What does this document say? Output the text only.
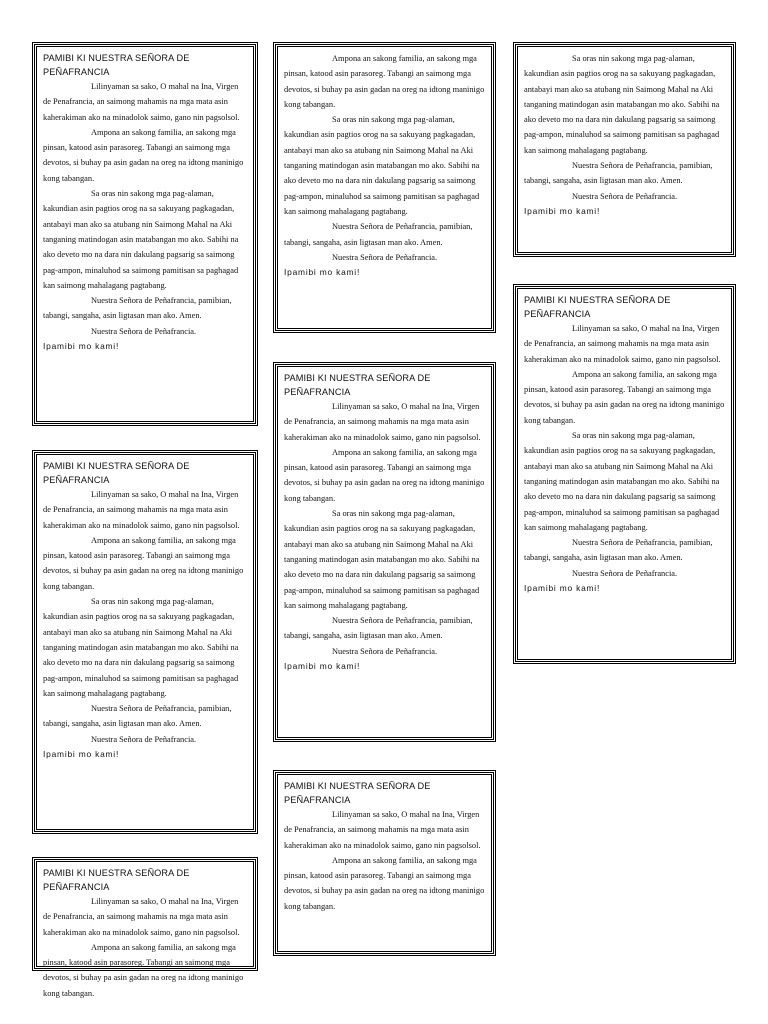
PAMIBI KI NUESTRA SEÑORA DE PEÑAFRANCIA

Lilinyaman sa sako, O mahal na Ina, Virgen de Penafrancia, an saimong mahamis na mga mata asin kaherakiman ako na minadolok saimo, gano nin pagsolsol.

Ampona an sakong familia, an sakong mga pinsan, katood asin parasoreg. Tabangi an saimong mga devotos, si buhay pa asin gadan na oreg na idtong maninigo kong tabangan.

Sa oras nin sakong mga pag-alaman, kakundian asin pagtios orog na sa sakuyang pagkagadan, antabayi man ako sa atubang nin Saimong Mahal na Aki tanganing matindogan asin matabangan mo ako. Sabihi na ako deveto mo na dara nin dakulang pagsarig sa saimong pag-ampon, minaluhod sa saimong pamitisan sa paghagad kan saimong mahalagang pagtabang.

Nuestra Señora de Peñafrancia, pamibian, tabangi, sangaha, asin ligtasan man ako. Amen.

Nuestra Señora de Peñafrancia.

Ipamibi mo kami!

PAMIBI KI NUESTRA SEÑORA DE PEÑAFRANCIA

Lilinyaman sa sako, O mahal na Ina, Virgen de Penafrancia, an saimong mahamis na mga mata asin kaherakiman ako na minadolok saimo, gano nin pagsolsol.

Ampona an sakong familia, an sakong mga pinsan, katood asin parasoreg. Tabangi an saimong mga devotos, si buhay pa asin gadan na oreg na idtong maninigo kong tabangan.

Sa oras nin sakong mga pag-alaman, kakundian asin pagtios orog na sa sakuyang pagkagadan, antabayi man ako sa atubang nin Saimong Mahal na Aki tanganing matindogan asin matabangan mo ako. Sabihi na ako deveto mo na dara nin dakulang pagsarig sa saimong pag-ampon, minaluhod sa saimong pamitisan sa paghagad kan saimong mahalagang pagtabang.

Nuestra Señora de Peñafrancia, pamibian, tabangi, sangaha, asin ligtasan man ako. Amen.

Nuestra Señora de Peñafrancia.

Ipamibi mo kami!

PAMIBI KI NUESTRA SEÑORA DE PEÑAFRANCIA

Lilinyaman sa sako, O mahal na Ina, Virgen de Penafrancia, an saimong mahamis na mga mata asin kaherakiman ako na minadolok saimo, gano nin pagsolsol.

Ampona an sakong familia, an sakong mga pinsan, katood asin parasoreg. Tabangi an saimong mga devotos, si buhay pa asin gadan na oreg na idtong maninigo kong tabangan.

Ampona an sakong familia, an sakong mga pinsan, katood asin parasoreg. Tabangi an saimong mga devotos, si buhay pa asin gadan na oreg na idtong maninigo kong tabangan.

Sa oras nin sakong mga pag-alaman, kakundian asin pagtios orog na sa sakuyang pagkagadan, antabayi man ako sa atubang nin Saimong Mahal na Aki tanganing matindogan asin matabangan mo ako. Sabihi na ako deveto mo na dara nin dakulang pagsarig sa saimong pag-ampon, minaluhod sa saimong pamitisan sa paghagad kan saimong mahalagang pagtabang.

Nuestra Señora de Peñafrancia, pamibian, tabangi, sangaha, asin ligtasan man ako. Amen.

Nuestra Señora de Peñafrancia.

Ipamibi mo kami!

PAMIBI KI NUESTRA SEÑORA DE PEÑAFRANCIA

Lilinyaman sa sako, O mahal na Ina, Virgen de Penafrancia, an saimong mahamis na mga mata asin kaherakiman ako na minadolok saimo, gano nin pagsolsol.

Ampona an sakong familia, an sakong mga pinsan, katood asin parasoreg. Tabangi an saimong mga devotos, si buhay pa asin gadan na oreg na idtong maninigo kong tabangan.

Sa oras nin sakong mga pag-alaman, kakundian asin pagtios orog na sa sakuyang pagkagadan, antabayi man ako sa atubang nin Saimong Mahal na Aki tanganing matindogan asin matabangan mo ako. Sabihi na ako deveto mo na dara nin dakulang pagsarig sa saimong pag-ampon, minaluhod sa saimong pamitisan sa paghagad kan saimong mahalagang pagtabang.

Nuestra Señora de Peñafrancia, pamibian, tabangi, sangaha, asin ligtasan man ako. Amen.

Nuestra Señora de Peñafrancia.

Ipamibi mo kami!

PAMIBI KI NUESTRA SEÑORA DE PEÑAFRANCIA

Lilinyaman sa sako, O mahal na Ina, Virgen de Penafrancia, an saimong mahamis na mga mata asin kaherakiman ako na minadolok saimo, gano nin pagsolsol.

Ampona an sakong familia, an sakong mga pinsan, katood asin parasoreg. Tabangi an saimong mga devotos, si buhay pa asin gadan na oreg na idtong maninigo kong tabangan.

Sa oras nin sakong mga pag-alaman, kakundian asin pagtios orog na sa sakuyang pagkagadan, antabayi man ako sa atubang nin Saimong Mahal na Aki tanganing matindogan asin matabangan mo ako. Sabihi na ako deveto mo na dara nin dakulang pagsarig sa saimong pag-ampon, minaluhod sa saimong pamitisan sa paghagad kan saimong mahalagang pagtabang.

Nuestra Señora de Peñafrancia, pamibian, tabangi, sangaha, asin ligtasan man ako. Amen.

Nuestra Señora de Peñafrancia.

Ipamibi mo kami!

PAMIBI KI NUESTRA SEÑORA DE PEÑAFRANCIA

Lilinyaman sa sako, O mahal na Ina, Virgen de Penafrancia, an saimong mahamis na mga mata asin kaherakiman ako na minadolok saimo, gano nin pagsolsol.

Ampona an sakong familia, an sakong mga pinsan, katood asin parasoreg. Tabangi an saimong mga devotos, si buhay pa asin gadan na oreg na idtong maninigo kong tabangan.

Sa oras nin sakong mga pag-alaman, kakundian asin pagtios orog na sa sakuyang pagkagadan, antabayi man ako sa atubang nin Saimong Mahal na Aki tanganing matindogan asin matabangan mo ako. Sabihi na ako deveto mo na dara nin dakulang pagsarig sa saimong pag-ampon, minaluhod sa saimong pamitisan sa paghagad kan saimong mahalagang pagtabang.

Nuestra Señora de Peñafrancia, pamibian, tabangi, sangaha, asin ligtasan man ako. Amen.

Nuestra Señora de Peñafrancia.

Ipamibi mo kami!
